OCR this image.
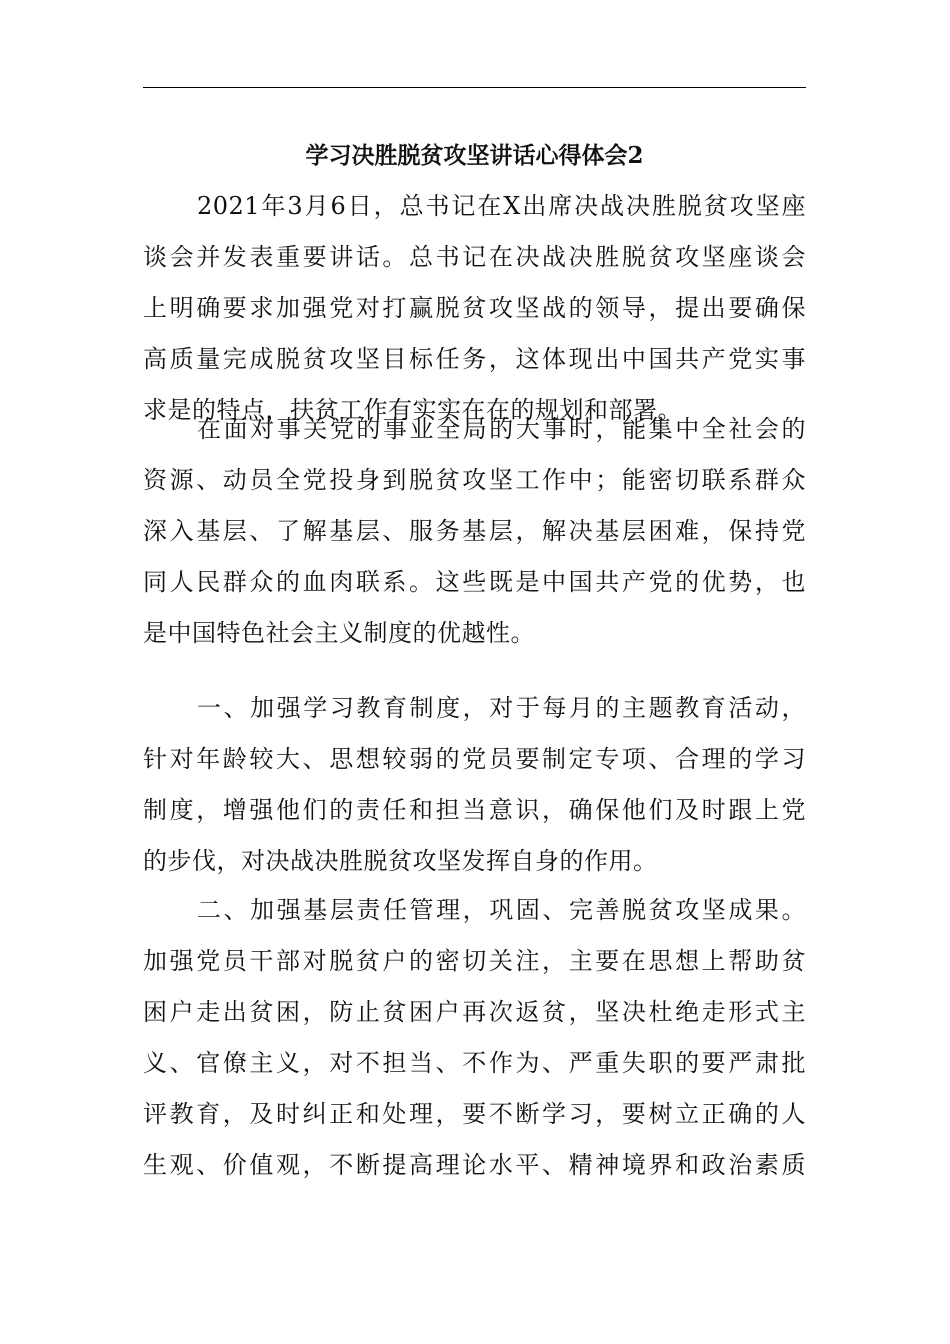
学习决胜脱贫攻坚讲话心得体会2
2021年3月6日，总书记在X出席决战决胜脱贫攻坚座
谈会并发表重要讲话。总书记在决战决胜脱贫攻坚座谈会
上明确要求加强党对打赢脱贫攻坚战的领导，提出要确保
高质量完成脱贫攻坚目标任务，这体现出中国共产党实事
求是的特点，扶贫工作有实实在在的规划和部署。
在面对事关党的事业全局的大事时，能集中全社会的
资源、动员全党投身到脱贫攻坚工作中；能密切联系群众
深入基层、了解基层、服务基层，解决基层困难，保持党
同人民群众的血肉联系。这些既是中国共产党的优势，也
是中国特色社会主义制度的优越性。
一、加强学习教育制度，对于每月的主题教育活动，
针对年龄较大、思想较弱的党员要制定专项、合理的学习
制度，增强他们的责任和担当意识，确保他们及时跟上党
的步伐，对决战决胜脱贫攻坚发挥自身的作用。
二、加强基层责任管理，巩固、完善脱贫攻坚成果。
加强党员干部对脱贫户的密切关注，主要在思想上帮助贫
困户走出贫困，防止贫困户再次返贫，坚决杜绝走形式主
义、官僚主义，对不担当、不作为、严重失职的要严肃批
评教育，及时纠正和处理，要不断学习，要树立正确的人
生观、价值观，不断提高理论水平、精神境界和政治素质
